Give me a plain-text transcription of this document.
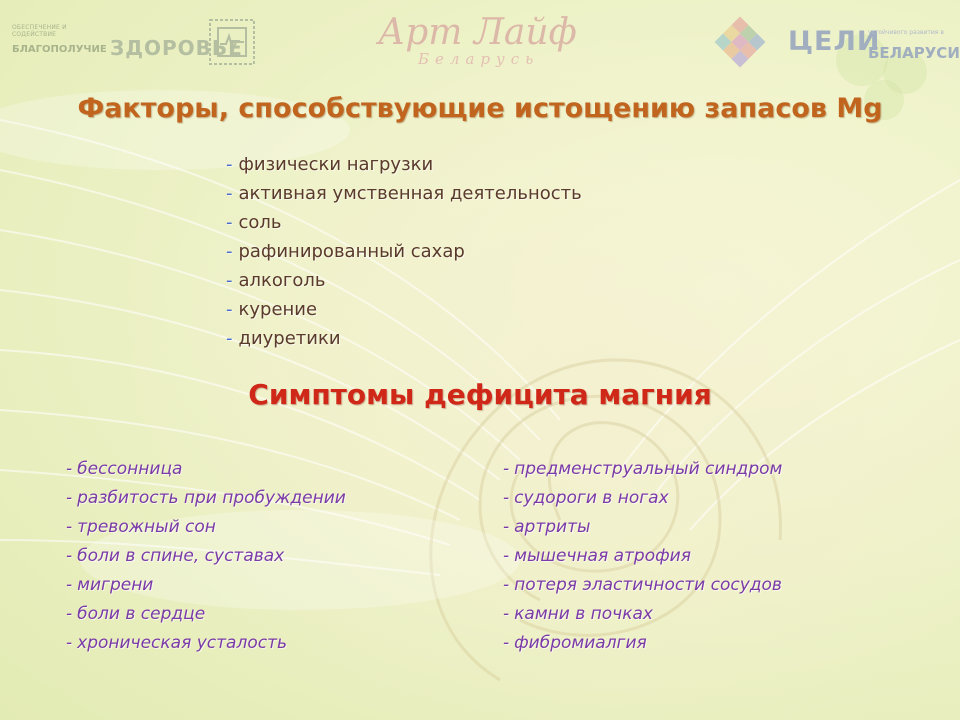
ОБЕСПЕЧЕНИЕ И СОДЕЙСТВИЕ
БЛАГОПОЛУЧИЕ ЗДОРОВЬЕ	Арт Лайф
Беларусь
ЦЕЛИ
устойчивого развития в
БЕЛАРУСИ
Факторы, способствующие истощению запасов Mg
- физически нагрузки
- активная умственная деятельность
- соль
- рафинированный сахар
- алкоголь
- курение
- диуретики
Симптомы дефицита магния
- бессонница
- разбитость при пробуждении
- тревожный сон
- боли в спине, суставах
- мигрени
- боли в сердце
- хроническая усталость
- предменструальный синдром
- судороги в ногах
- артриты
- мышечная атрофия
- потеря эластичности сосудов
- камни в почках
- фибромиалгия
